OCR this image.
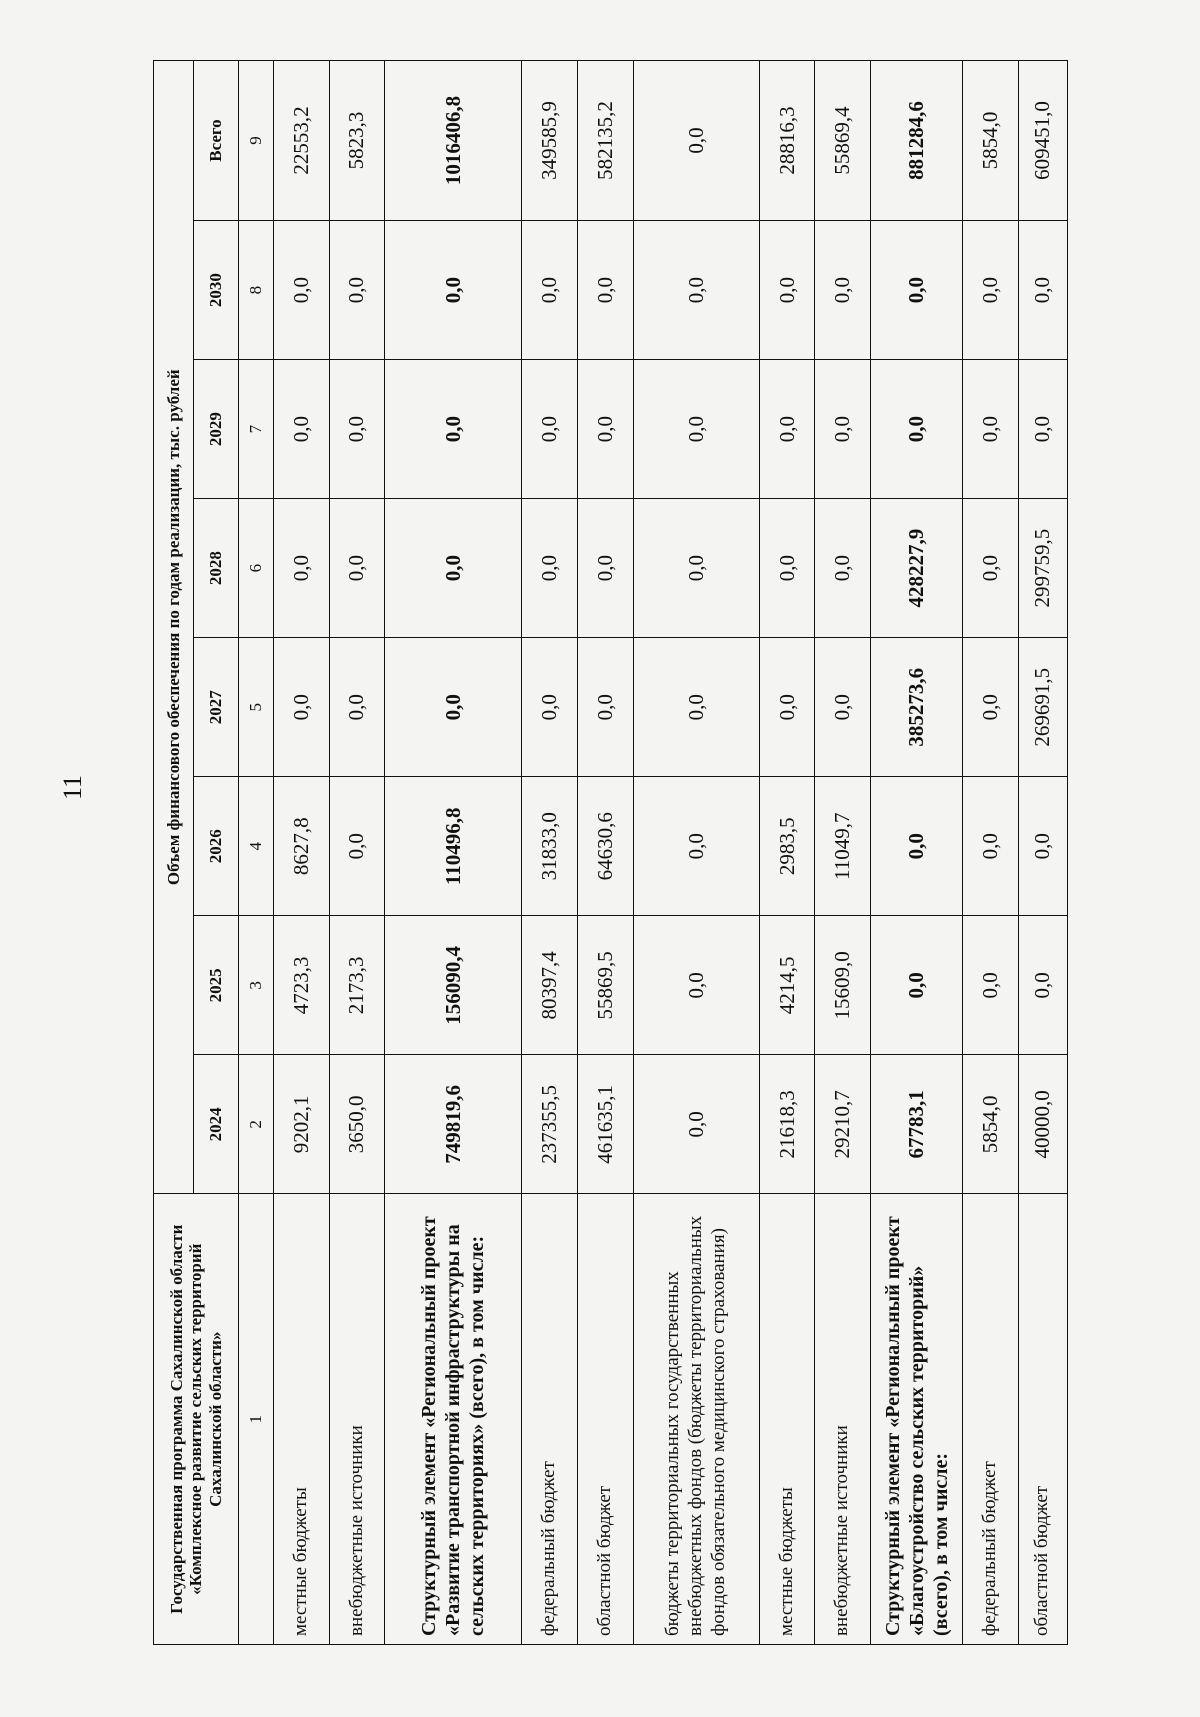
11
Государственная программа Сахалинской области «Комплексное развитие сельских территорий Сахалинской области»	Объем финансового обеспечения по годам реализации, тыс. рублей							
	2024	2025	2026	2027	2028	2029	2030	Всего
1	2	3	4	5	6	7	8	9
местные бюджеты	9202,1	4723,3	8627,8	0,0	0,0	0,0	0,0	22553,2
внебюджетные источники	3650,0	2173,3	0,0	0,0	0,0	0,0	0,0	5823,3
Структурный элемент «Региональный проект «Развитие транспортной инфраструктуры на сельских территориях» (всего), в том числе:	749819,6	156090,4	110496,8	0,0	0,0	0,0	0,0	1016406,8
федеральный бюджет	237355,5	80397,4	31833,0	0,0	0,0	0,0	0,0	349585,9
областной бюджет	461635,1	55869,5	64630,6	0,0	0,0	0,0	0,0	582135,2
бюджеты территориальных государственных внебюджетных фондов (бюджеты территориальных фондов обязательного медицинского страхования)	0,0	0,0	0,0	0,0	0,0	0,0	0,0	0,0
местные бюджеты	21618,3	4214,5	2983,5	0,0	0,0	0,0	0,0	28816,3
внебюджетные источники	29210,7	15609,0	11049,7	0,0	0,0	0,0	0,0	55869,4
Структурный элемент «Региональный проект «Благоустройство сельских территорий» (всего), в том числе:	67783,1	0,0	0,0	385273,6	428227,9	0,0	0,0	881284,6
федеральный бюджет	5854,0	0,0	0,0	0,0	0,0	0,0	0,0	5854,0
областной бюджет	40000,0	0,0	0,0	269691,5	299759,5	0,0	0,0	609451,0
